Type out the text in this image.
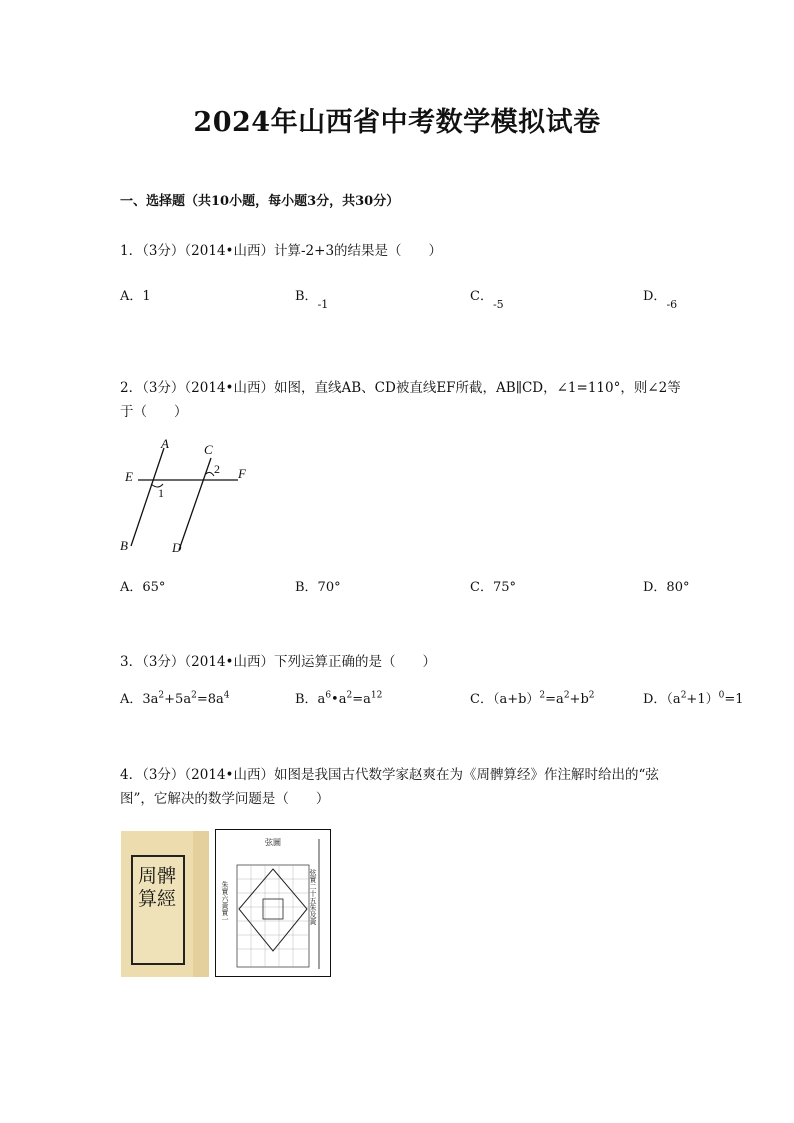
2024年山西省中考数学模拟试卷
一、选择题（共10小题，每小题3分，共30分）
1．（3分）（2014•山西）计算-2+3的结果是（　　）
A．1	B．$_{-1}$
C．$_{-5}$
D．$_{-6}$
2．（3分）（2014•山西）如图，直线AB、CD被直线EF所截，AB∥CD，∠1=110°，则∠2等
于（　　）
A	C
E	F
B	D
1
2
A．65°	B．70°	C．75°	D．80°
3．（3分）（2014•山西）下列运算正确的是（　　）
A．$3a^2+5a^2=8a^4$	B．$a^6•a^2=a^{12}$	C．$(a+b)^2=a^2+b^2$	D．$(a^2+1)^0=1$
4．（3分）（2014•山西）如图是我国古代数学家赵爽在为《周髀算经》作注解时给出的“弦
图”，它解决的数学问题是（　　）
周髀算經
弦圖
朱實六黃實一	弦實二十五朱及黃
